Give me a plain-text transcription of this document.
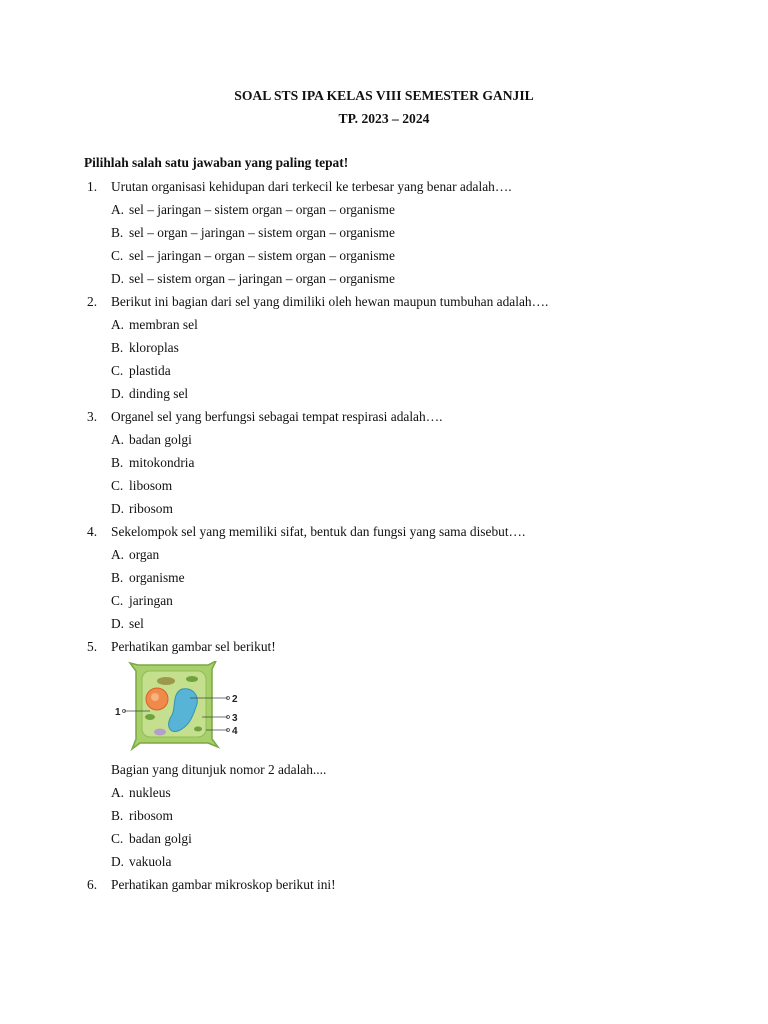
SOAL STS IPA KELAS VIII SEMESTER GANJIL
TP. 2023 – 2024
Pilihlah salah satu jawaban yang paling tepat!
1. Urutan organisasi kehidupan dari terkecil ke terbesar yang benar adalah….
A. sel – jaringan – sistem organ – organ – organisme
B. sel – organ – jaringan – sistem organ – organisme
C. sel – jaringan – organ – sistem organ – organisme
D. sel – sistem organ – jaringan – organ – organisme
2. Berikut ini bagian dari sel yang dimiliki oleh hewan maupun tumbuhan adalah….
A. membran sel
B. kloroplas
C. plastida
D. dinding sel
3. Organel sel yang berfungsi sebagai tempat respirasi adalah….
A. badan golgi
B. mitokondria
C. libosom
D. ribosom
4. Sekelompok sel yang memiliki sifat, bentuk dan fungsi yang sama disebut….
A. organ
B. organisme
C. jaringan
D. sel
5. Perhatikan gambar sel berikut!
1
2
3
4
Bagian yang ditunjuk nomor 2 adalah....
A. nukleus
B. ribosom
C. badan golgi
D. vakuola
6. Perhatikan gambar mikroskop berikut ini!
